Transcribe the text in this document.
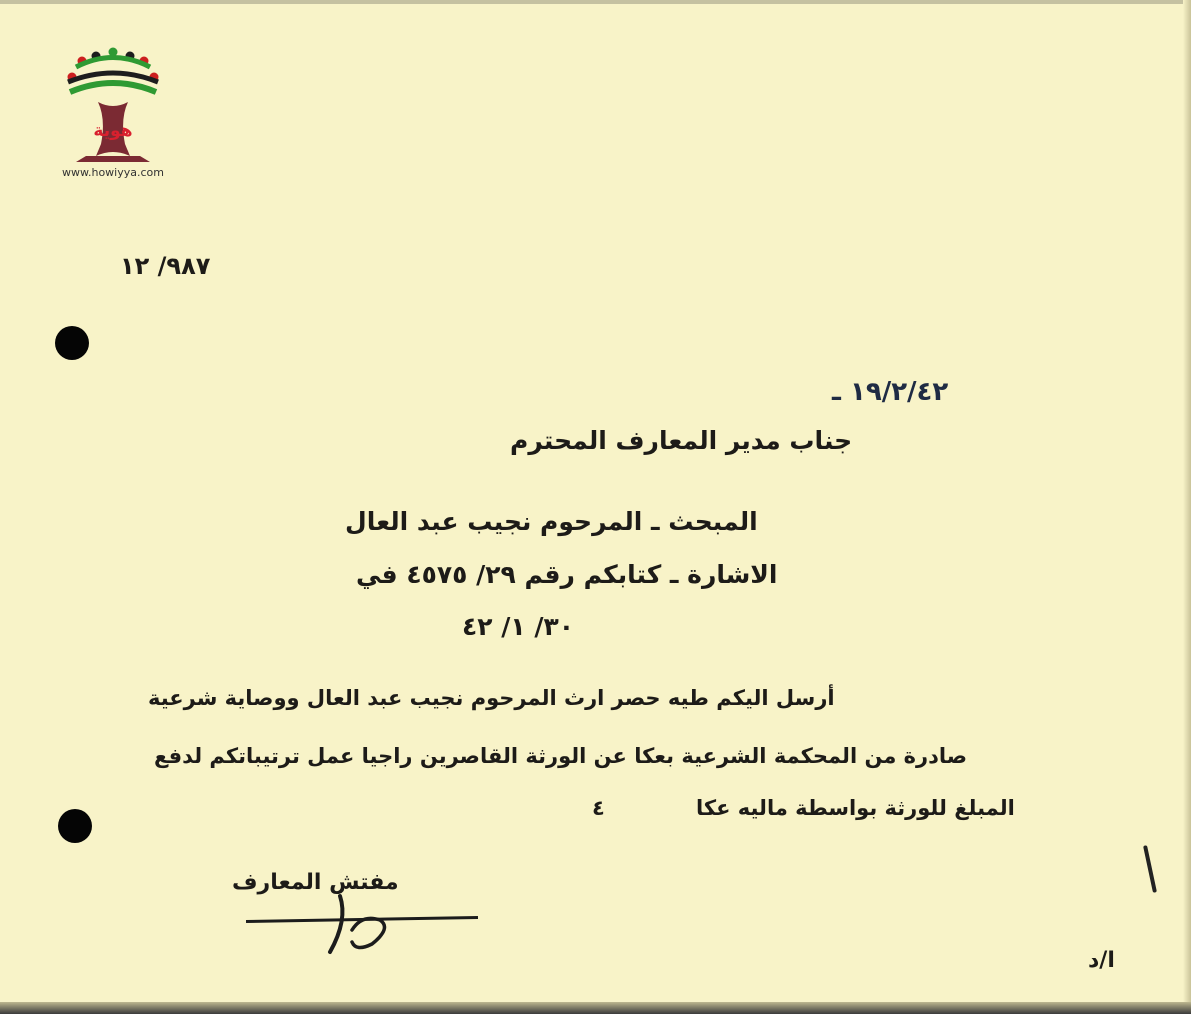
هوية
www.howiyya.com
٩٨٧/ ١٢
١٩/٢/٤٢ ـ
جناب مدير المعارف المحترم
المبحث ـ المرحوم نجيب عبد العال
الاشارة ـ كتابكم رقم ٢٩/ ٤٥٧٥ في
٣٠/ ١/ ٤٢
أرسل اليكم طيه حصر ارث المرحوم نجيب عبد العال ووصاية شرعية
صادرة من المحكمة الشرعية بعكا عن الورثة القاصرين راجيا عمل ترتيباتكم لدفع
المبلغ للورثة بواسطة ماليه عكا
٤
مفتش المعارف
ا/د
